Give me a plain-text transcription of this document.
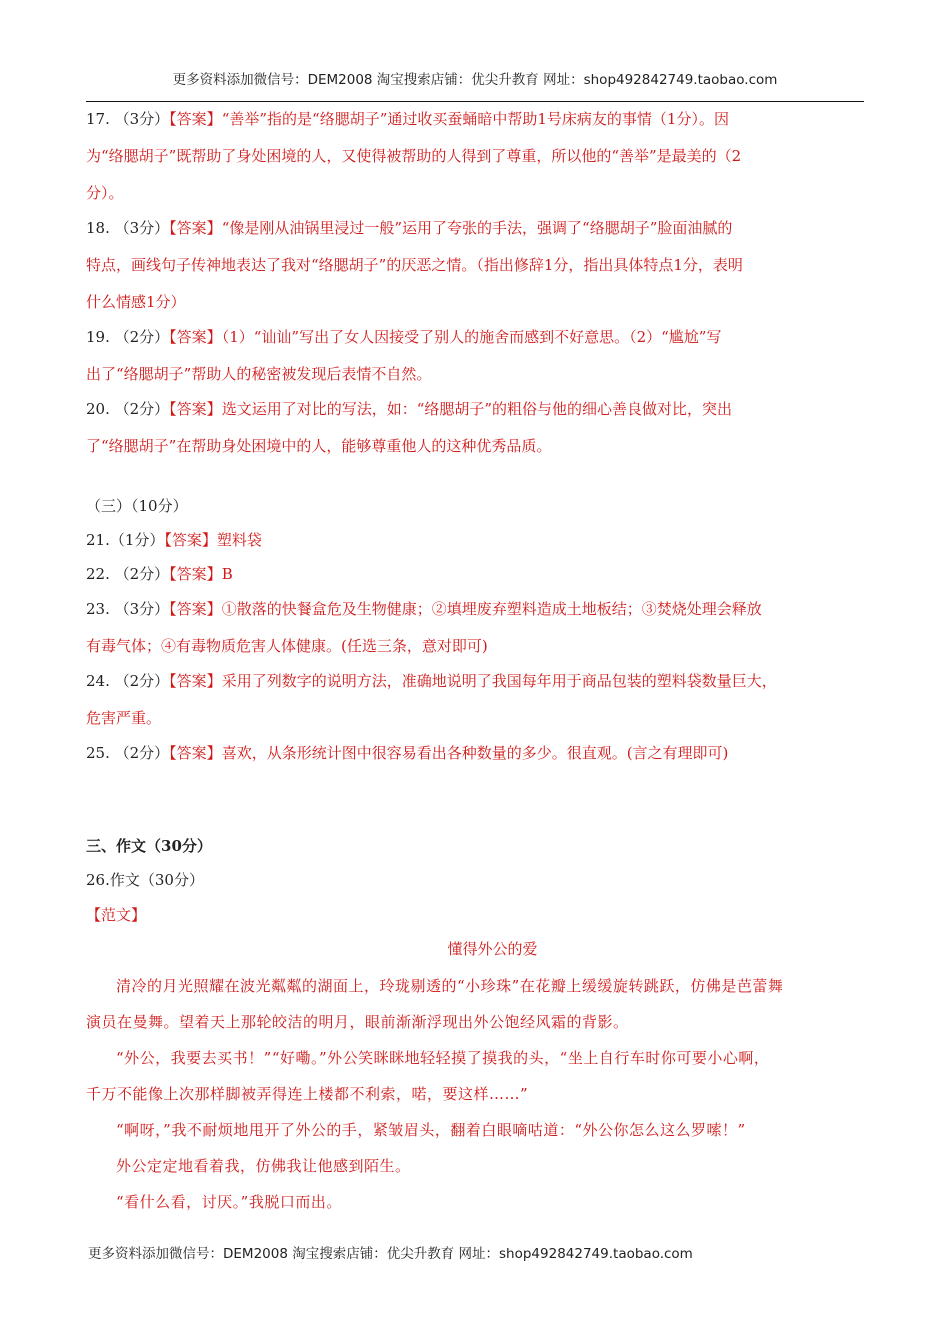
更多资料添加微信号：DEM2008 淘宝搜索店铺：优尖升教育 网址：shop492842749.taobao.com

17. （3分）【答案】“善举”指的是“络腮胡子”通过收买蚕蛹暗中帮助1号床病友的事情（1分）。因

为“络腮胡子”既帮助了身处困境的人，又使得被帮助的人得到了尊重，所以他的“善举”是最美的（2

分）。

18. （3分）【答案】“像是刚从油锅里浸过一般”运用了夸张的手法，强调了“络腮胡子”脸面油腻的

特点，画线句子传神地表达了我对“络腮胡子”的厌恶之情。（指出修辞1分，指出具体特点1分，表明

什么情感1分）

19. （2分）【答案】（1）“讪讪”写出了女人因接受了别人的施舍而感到不好意思。（2）“尴尬”写

出了“络腮胡子”帮助人的秘密被发现后表情不自然。

20. （2分）【答案】选文运用了对比的写法，如：“络腮胡子”的粗俗与他的细心善良做对比，突出

了“络腮胡子”在帮助身处困境中的人，能够尊重他人的这种优秀品质。

（三）（10分）

21.（1分）【答案】塑料袋

22. （2分）【答案】B

23. （3分）【答案】①散落的快餐盒危及生物健康；②填埋废弃塑料造成土地板结；③焚烧处理会释放

有毒气体；④有毒物质危害人体健康。(任选三条，意对即可)

24. （2分）【答案】采用了列数字的说明方法，准确地说明了我国每年用于商品包装的塑料袋数量巨大，

危害严重。

25. （2分）【答案】喜欢，从条形统计图中很容易看出各种数量的多少。很直观。(言之有理即可)

三、作文（30分）
26.作文（30分）
【范文】
懂得外公的爱

清冷的月光照耀在波光粼粼的湖面上，玲珑剔透的“小珍珠”在花瓣上缓缓旋转跳跃，仿佛是芭蕾舞

演员在曼舞。望着天上那轮皎洁的明月，眼前渐渐浮现出外公饱经风霜的背影。

“外公，我要去买书！”“好嘞。”外公笑眯眯地轻轻摸了摸我的头，“坐上自行车时你可要小心啊，

千万不能像上次那样脚被弄得连上楼都不利索，喏，要这样……”

“啊呀，”我不耐烦地甩开了外公的手，紧皱眉头，翻着白眼嘀咕道：“外公你怎么这么罗嗦！”

外公定定地看着我，仿佛我让他感到陌生。

“看什么看，讨厌。”我脱口而出。

更多资料添加微信号：DEM2008 淘宝搜索店铺：优尖升教育 网址：shop492842749.taobao.com
